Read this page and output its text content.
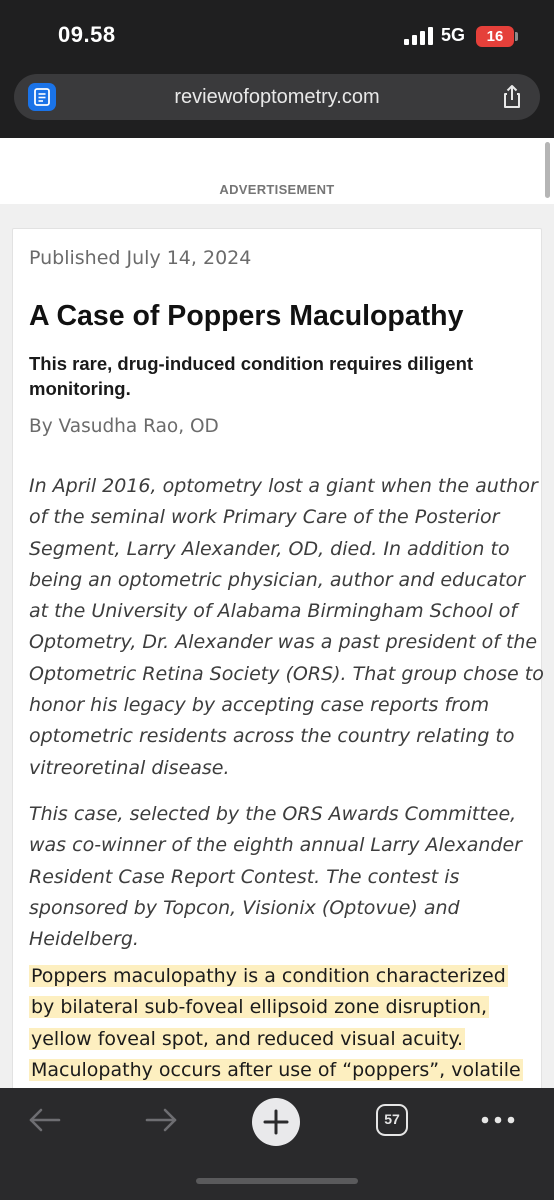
09.58	5G	16
reviewofoptometry.com
ADVERTISEMENT
Published July 14, 2024
A Case of Poppers Maculopathy

This rare, drug-induced condition requires diligent monitoring.

By Vasudha Rao, OD

In April 2016, optometry lost a giant when the author
of the seminal work Primary Care of the Posterior
Segment, Larry Alexander, OD, died. In addition to
being an optometric physician, author and educator
at the University of Alabama Birmingham School of
Optometry, Dr. Alexander was a past president of the
Optometric Retina Society (ORS). That group chose to
honor his legacy by accepting case reports from
optometric residents across the country relating to
vitreoretinal disease.

This case, selected by the ORS Awards Committee,
was co-winner of the eighth annual Larry Alexander
Resident Case Report Contest. The contest is
sponsored by Topcon, Visionix (Optovue) and
Heidelberg.

Poppers maculopathy is a condition characterized
by bilateral sub-foveal ellipsoid zone disruption,
yellow foveal spot, and reduced visual acuity.
Maculopathy occurs after use of “poppers”, volatile

57
